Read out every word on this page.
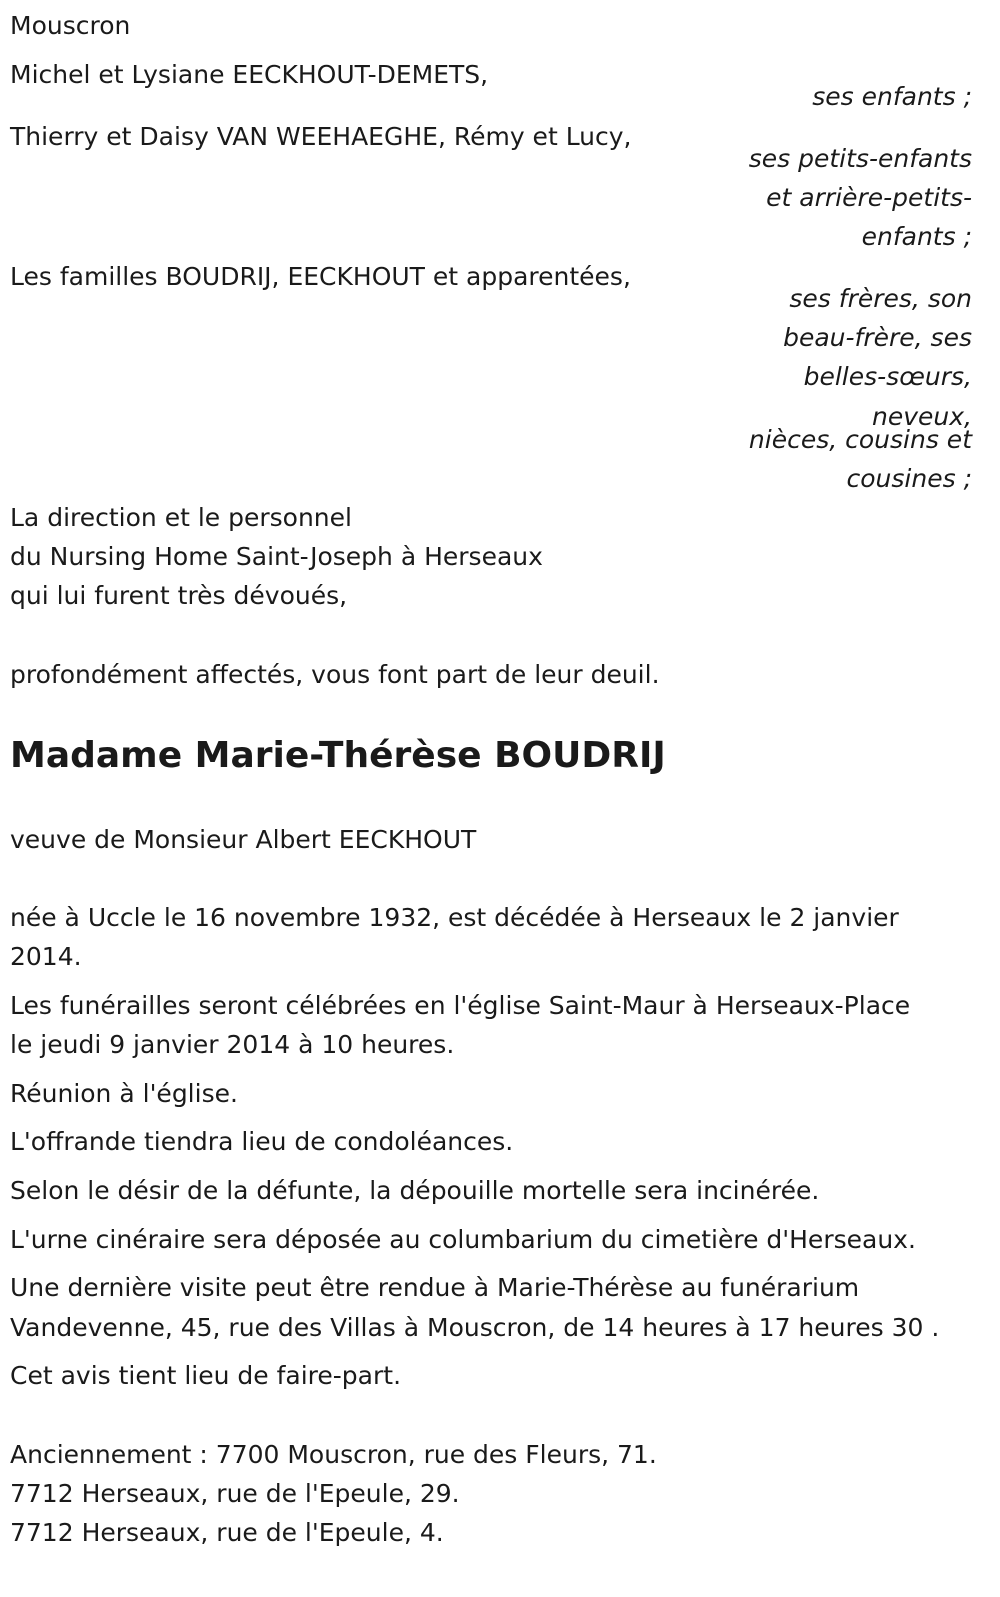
Mouscron
Michel et Lysiane EECKHOUT-DEMETS,
ses enfants ;
Thierry et Daisy VAN WEEHAEGHE, Rémy et Lucy,
ses petits-enfants
et arrière-petits-
enfants ;
Les familles BOUDRIJ, EECKHOUT et apparentées,
ses frères, son
beau-frère, ses
belles-sœurs,
neveux,
nièces, cousins et
cousines ;
La direction et le personnel
du Nursing Home Saint-Joseph à Herseaux
qui lui furent très dévoués,
profondément affectés, vous font part de leur deuil.
Madame Marie-Thérèse BOUDRIJ
veuve de Monsieur Albert EECKHOUT
née à Uccle le 16 novembre 1932, est décédée à Herseaux le 2 janvier
2014.
Les funérailles seront célébrées en l'église Saint-Maur à Herseaux-Place
le jeudi 9 janvier 2014 à 10 heures.
Réunion à l'église.
L'offrande tiendra lieu de condoléances.
Selon le désir de la défunte, la dépouille mortelle sera incinérée.
L'urne cinéraire sera déposée au columbarium du cimetière d'Herseaux.
Une dernière visite peut être rendue à Marie-Thérèse au funérarium
Vandevenne, 45, rue des Villas à Mouscron, de 14 heures à 17 heures 30 .
Cet avis tient lieu de faire-part.
Anciennement : 7700 Mouscron, rue des Fleurs, 71.
7712 Herseaux, rue de l'Epeule, 29.
7712 Herseaux, rue de l'Epeule, 4.
